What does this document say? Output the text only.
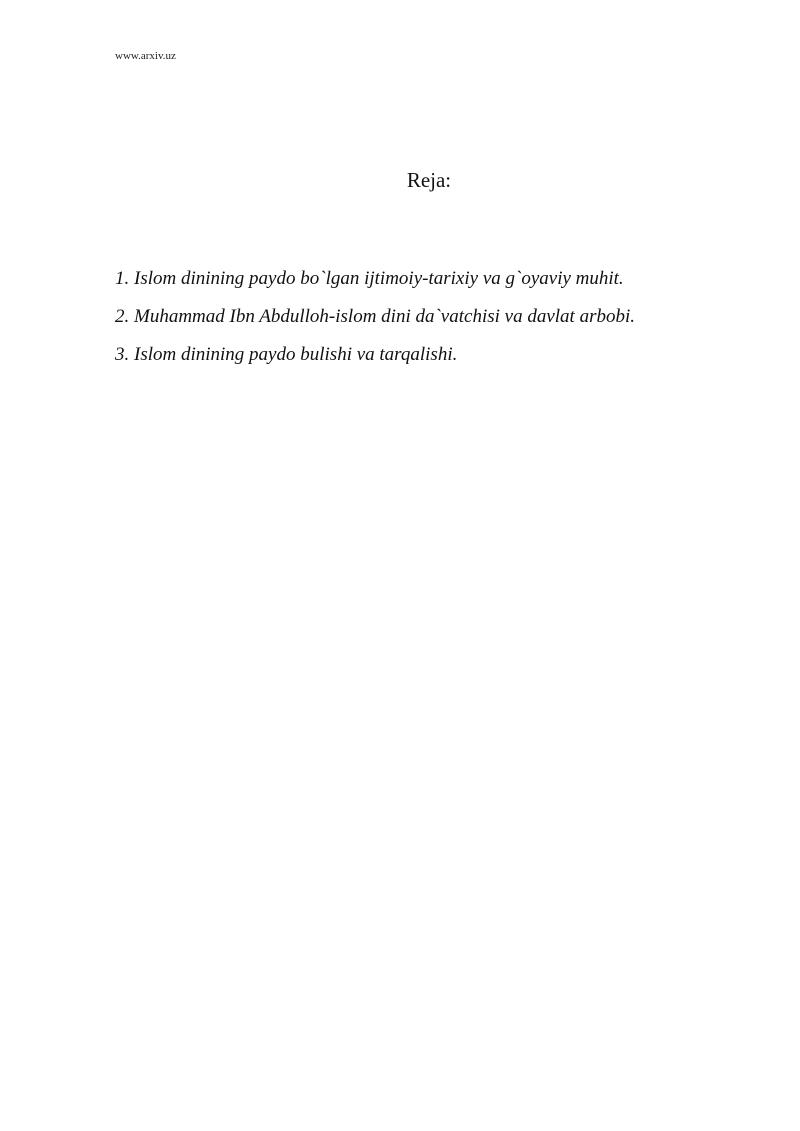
www.arxiv.uz
Reja:
1. Islom dinining paydo bo`lgan ijtimoiy-tarixiy va g`oyaviy muhit.
2. Muhammad Ibn Abdulloh-islom dini da`vatchisi va davlat arbobi.
3. Islom dinining paydo bulishi va tarqalishi.
